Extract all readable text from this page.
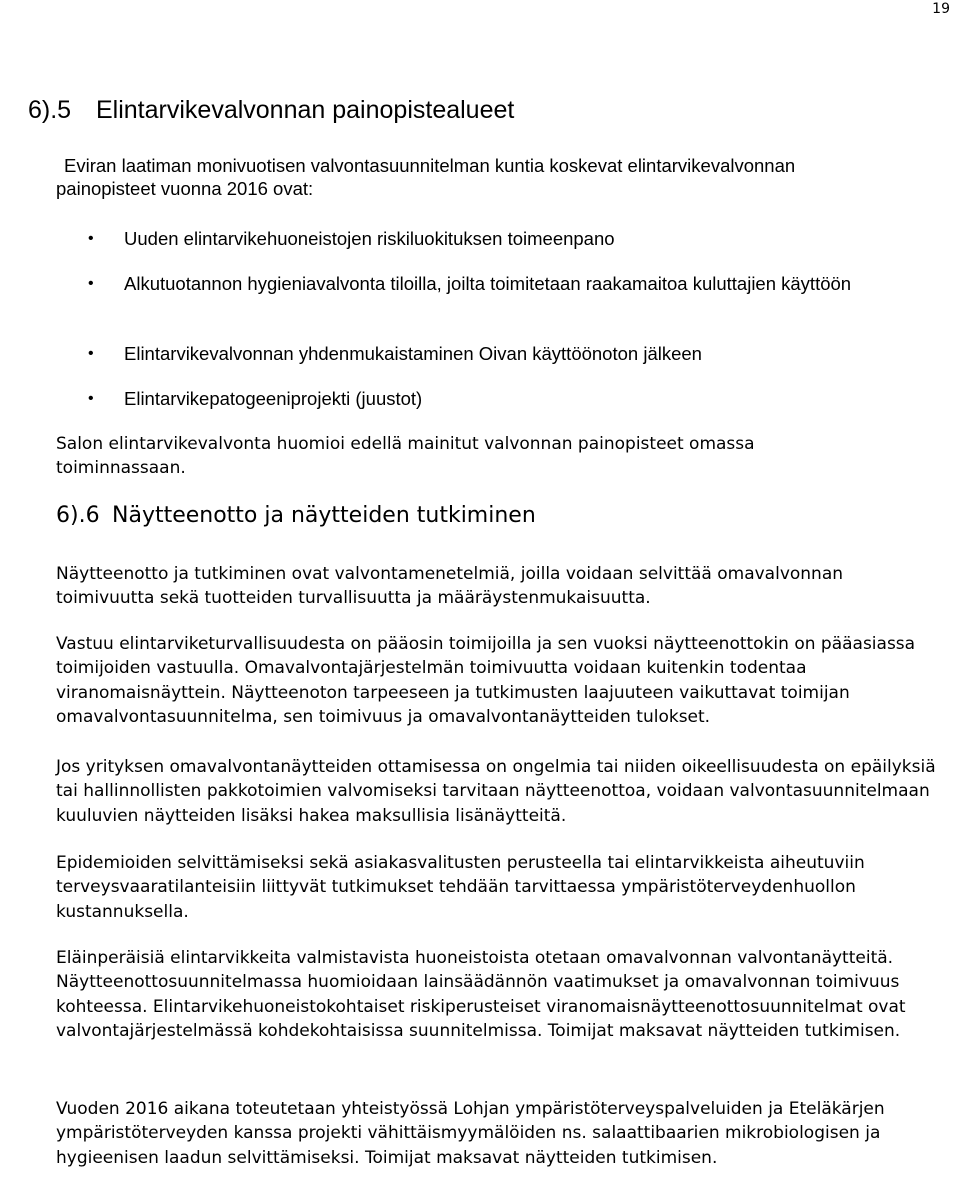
19
6).5 Elintarvikevalvonnan painopistealueet
Eviran laatiman monivuotisen valvontasuunnitelman kuntia koskevat elintarvikevalvonnan
painopisteet vuonna 2016 ovat:
• Uuden elintarvikehuoneistojen riskiluokituksen toimeenpano
• Alkutuotannon hygieniavalvonta tiloilla, joilta toimitetaan raakamaitoa kuluttajien käyttöön
• Elintarvikevalvonnan yhdenmukaistaminen Oivan käyttöönoton jälkeen
• Elintarvikepatogeeniprojekti (juustot)

Salon elintarvikevalvonta huomioi edellä mainitut valvonnan painopisteet omassa toiminnassaan.

6).6 Näytteenotto ja näytteiden tutkiminen

Näytteenotto ja tutkiminen ovat valvontamenetelmiä, joilla voidaan selvittää omavalvonnan toimivuutta sekä tuotteiden turvallisuutta ja määräystenmukaisuutta.

Vastuu elintarviketurvallisuudesta on pääosin toimijoilla ja sen vuoksi näytteenottokin on pääasiassa toimijoiden vastuulla. Omavalvontajärjestelmän toimivuutta voidaan kuitenkin todentaa viranomaisnäyttein. Näytteenoton tarpeeseen ja tutkimusten laajuuteen vaikuttavat toimijan omavalvontasuunnitelma, sen toimivuus ja omavalvontanäytteiden tulokset.

Jos yrityksen omavalvontanäytteiden ottamisessa on ongelmia tai niiden oikeellisuudesta on epäilyksiä tai hallinnollisten pakkotoimien valvomiseksi tarvitaan näytteenottoa, voidaan valvontasuunnitelmaan kuuluvien näytteiden lisäksi hakea maksullisia lisänäytteitä.

Epidemioiden selvittämiseksi sekä asiakasvalitusten perusteella tai elintarvikkeista aiheutuviin terveysvaaratilanteisiin liittyvät tutkimukset tehdään tarvittaessa ympäristöterveydenhuollon kustannuksella.

Eläinperäisiä elintarvikkeita valmistavista huoneistoista otetaan omavalvonnan valvontanäytteitä. Näytteenottosuunnitelmassa huomioidaan lainsäädännön vaatimukset ja omavalvonnan toimivuus kohteessa. Elintarvikehuoneistokohtaiset riskiperusteiset viranomaisnäytteenottosuunnitelmat ovat valvontajärjestelmässä kohdekohtaisissa suunnitelmissa. Toimijat maksavat näytteiden tutkimisen.

Vuoden 2016 aikana toteutetaan yhteistyössä Lohjan ympäristöterveyspalveluiden ja Eteläkärjen ympäristöterveyden kanssa projekti vähittäismyymälöiden ns. salaattibaarien mikrobiologisen ja hygieenisen laadun selvittämiseksi. Toimijat maksavat näytteiden tutkimisen.
